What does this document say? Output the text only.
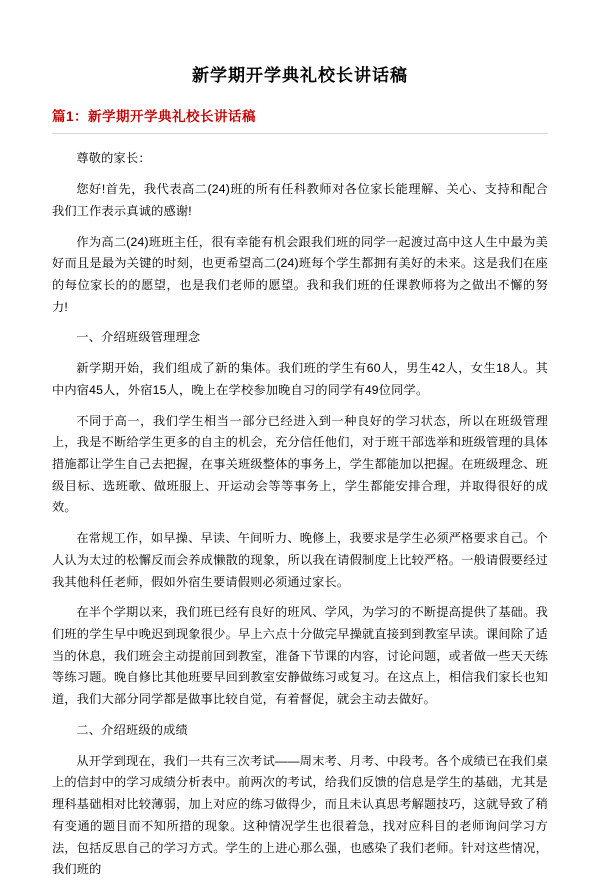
新学期开学典礼校长讲话稿
篇1：新学期开学典礼校长讲话稿

尊敬的家长：

您好!首先，我代表高二(24)班的所有任科教师对各位家长能理解、关心、支持和配合我们工作表示真诚的感谢!

作为高二(24)班班主任，很有幸能有机会跟我们班的同学一起渡过高中这人生中最为美好而且是最为关键的时刻，也更希望高二(24)班每个学生都拥有美好的未来。这是我们在座的每位家长的的愿望，也是我们老师的愿望。我和我们班的任课教师将为之做出不懈的努力!

一、介绍班级管理理念

新学期开始，我们组成了新的集体。我们班的学生有60人，男生42人，女生18人。其中内宿45人，外宿15人，晚上在学校参加晚自习的同学有49位同学。

不同于高一，我们学生相当一部分已经进入到一种良好的学习状态，所以在班级管理上，我是不断给学生更多的自主的机会，充分信任他们，对于班干部选举和班级管理的具体措施都让学生自己去把握，在事关班级整体的事务上，学生都能加以把握。在班级理念、班级目标、选班歌、做班服上、开运动会等等事务上，学生都能安排合理，并取得很好的成效。

在常规工作，如早操、早读、午间听力、晚修上，我要求是学生必须严格要求自己。个人认为太过的松懈反而会养成懒散的现象，所以我在请假制度上比较严格。一般请假要经过我其他科任老师，假如外宿生要请假则必须通过家长。

在半个学期以来，我们班已经有良好的班风、学风，为学习的不断提高提供了基础。我们班的学生早中晚迟到现象很少。早上六点十分做完早操就直接到到教室早读。课间除了适当的休息，我们班会主动提前回到教室，准备下节课的内容，讨论问题，或者做一些天天练等练习题。晚自修比其他班要早回到教室安静做练习或复习。在这点上，相信我们家长也知道，我们大部分同学都是做事比较自觉，有着督促，就会主动去做好。

二、介绍班级的成绩

从开学到现在，我们一共有三次考试——周末考、月考、中段考。各个成绩已在我们桌上的信封中的学习成绩分析表中。前两次的考试，给我们反馈的信息是学生的基础，尤其是理科基础相对比较薄弱，加上对应的练习做得少，而且未认真思考解题技巧，这就导致了稍有变通的题目而不知所措的现象。这种情况学生也很着急，找对应科目的老师询问学习方法，包括反思自己的学习方式。学生的上进心那么强，也感染了我们老师。针对这些情况，我们班的
